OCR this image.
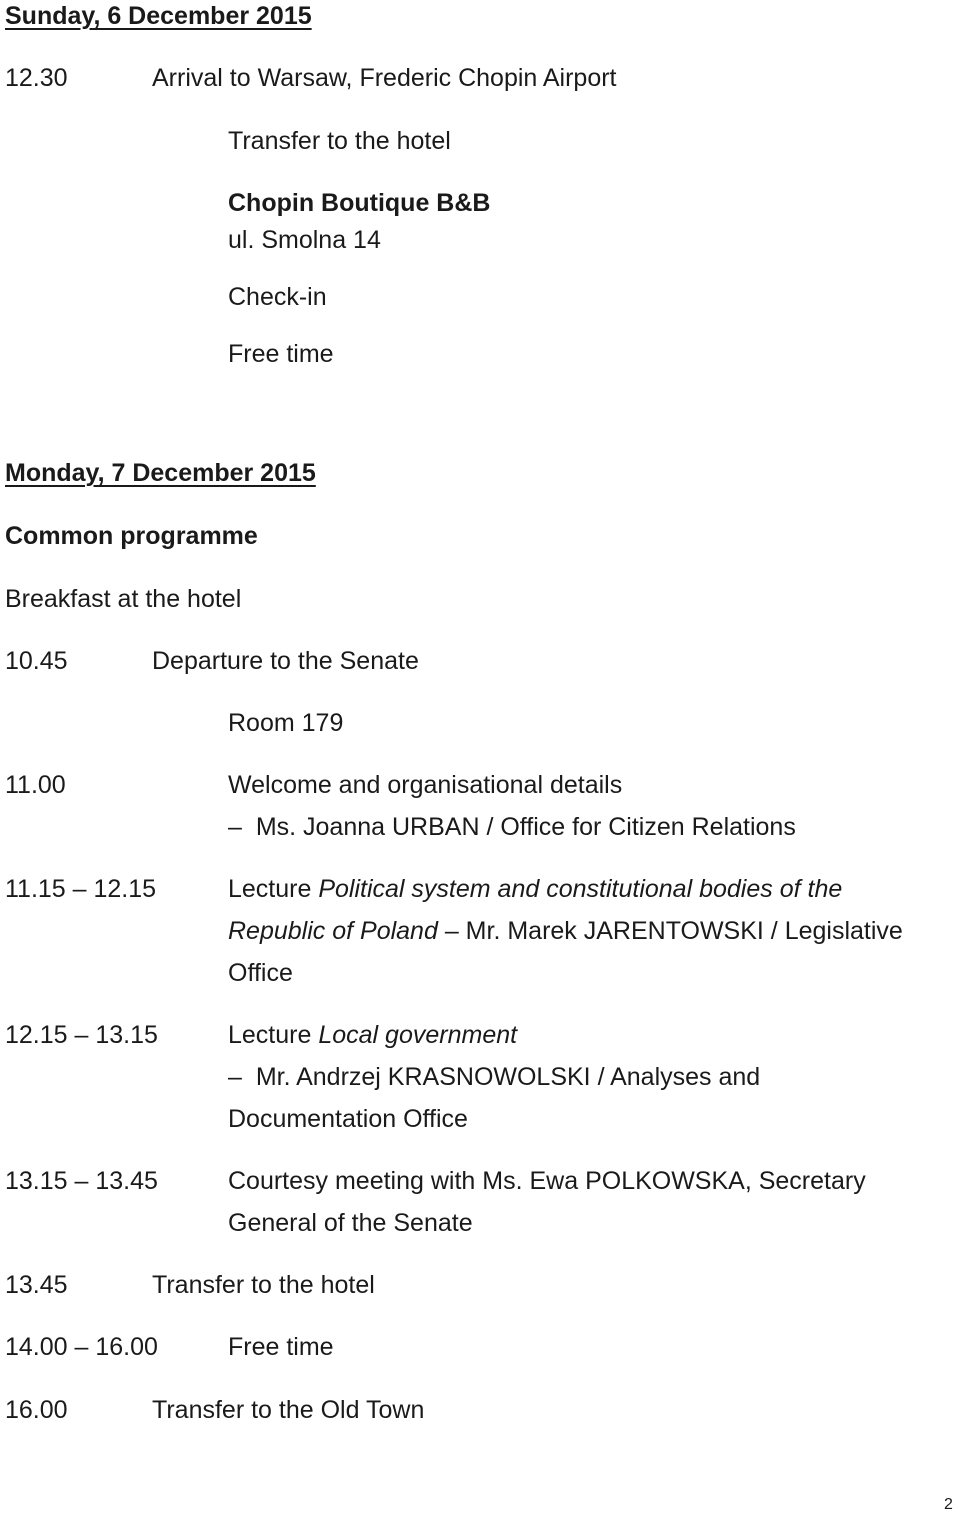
Sunday, 6 December 2015
12.30	Arrival to Warsaw, Frederic Chopin Airport
Transfer to the hotel
Chopin Boutique B&B
ul. Smolna 14
Check-in
Free time
Monday, 7 December 2015
Common programme
Breakfast at the hotel
10.45	Departure to the Senate
Room 179
11.00	Welcome and organisational details
– Ms. Joanna URBAN / Office for Citizen Relations
11.15 – 12.15	Lecture Political system and constitutional bodies of the
Republic of Poland – Mr. Marek JARENTOWSKI / Legislative
Office
12.15 – 13.15	Lecture Local government
– Mr. Andrzej KRASNOWOLSKI / Analyses and
Documentation Office
13.15 – 13.45	Courtesy meeting with Ms. Ewa POLKOWSKA, Secretary
General of the Senate
13.45	Transfer to the hotel
14.00 – 16.00	Free time
16.00	Transfer to the Old Town
2
